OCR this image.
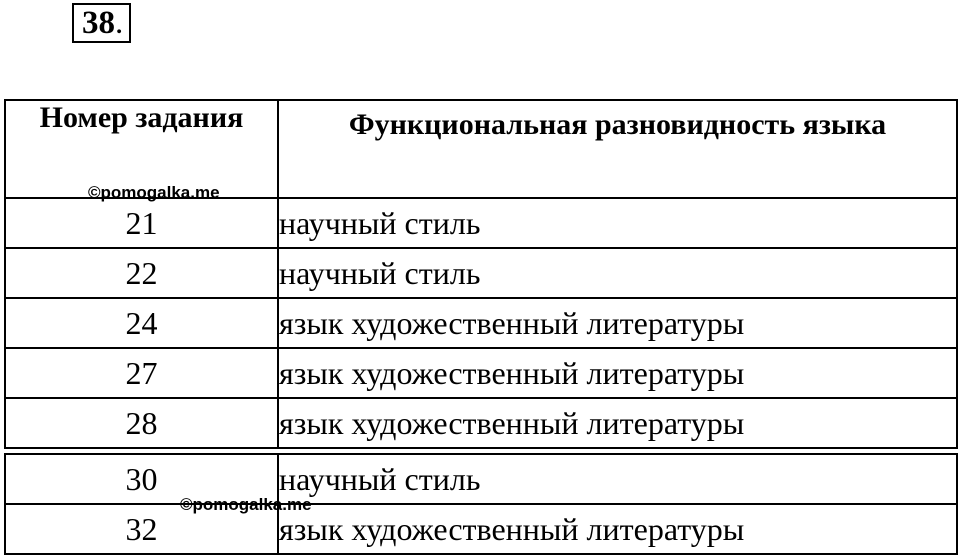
38 .
Номер задания	Функциональная разновидность языка
21	научный стиль
22	научный стиль
24	язык художественный литературы
27	язык художественный литературы
28	язык художественный литературы

30	научный стиль
32	язык художественный литературы
©pomogalka.me
©pomogalka.me
